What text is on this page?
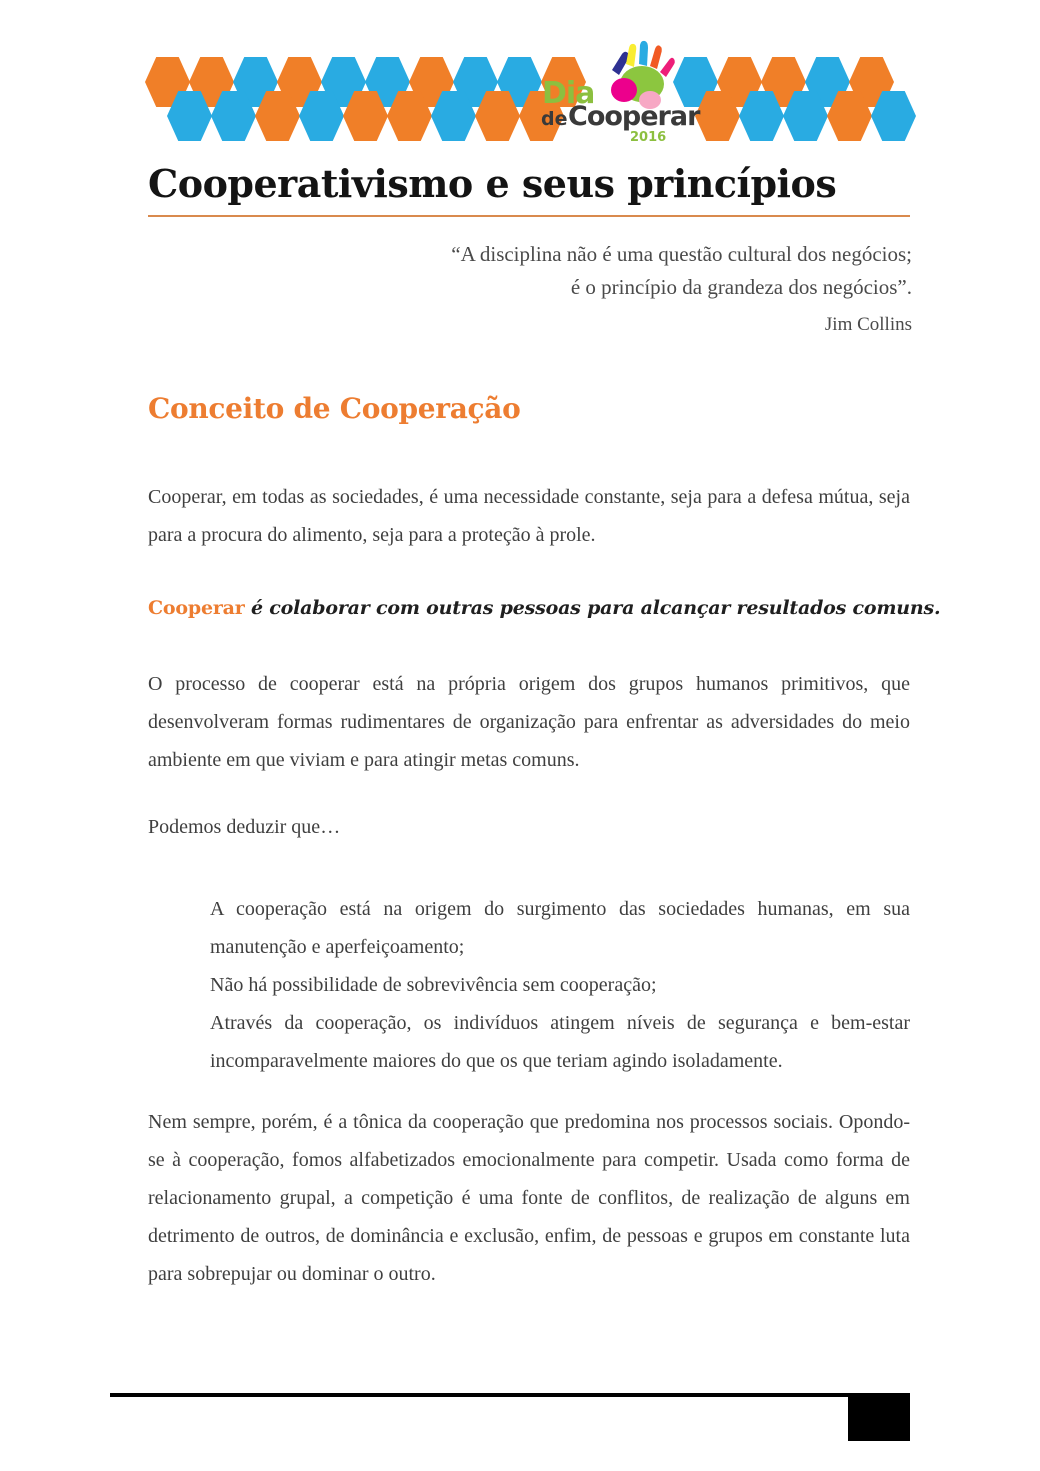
Dia
de Cooperar
2016
Cooperativismo e seus princípios
“A disciplina não é uma questão cultural dos negócios;
é o princípio da grandeza dos negócios”.
Jim Collins
Conceito de Cooperação
Cooperar, em todas as sociedades, é uma necessidade constante, seja para a defesa mútua, seja para a procura do alimento, seja para a proteção à prole.
Cooperar é colaborar com outras pessoas para alcançar resultados comuns.
O processo de cooperar está na própria origem dos grupos humanos primitivos, que desenvolveram formas rudimentares de organização para enfrentar as adversidades do meio ambiente em que viviam e para atingir metas comuns.
Podemos deduzir que…
A cooperação está na origem do surgimento das sociedades humanas, em sua manutenção e aperfeiçoamento;
Não há possibilidade de sobrevivência sem cooperação;
Através da cooperação, os indivíduos atingem níveis de segurança e bem-estar incomparavelmente maiores do que os que teriam agindo isoladamente.
Nem sempre, porém, é a tônica da cooperação que predomina nos processos sociais. Opondo-se à cooperação, fomos alfabetizados emocionalmente para competir. Usada como forma de relacionamento grupal, a competição é uma fonte de conflitos, de realização de alguns em detrimento de outros, de dominância e exclusão, enfim, de pessoas e grupos em constante luta para sobrepujar ou dominar o outro.
